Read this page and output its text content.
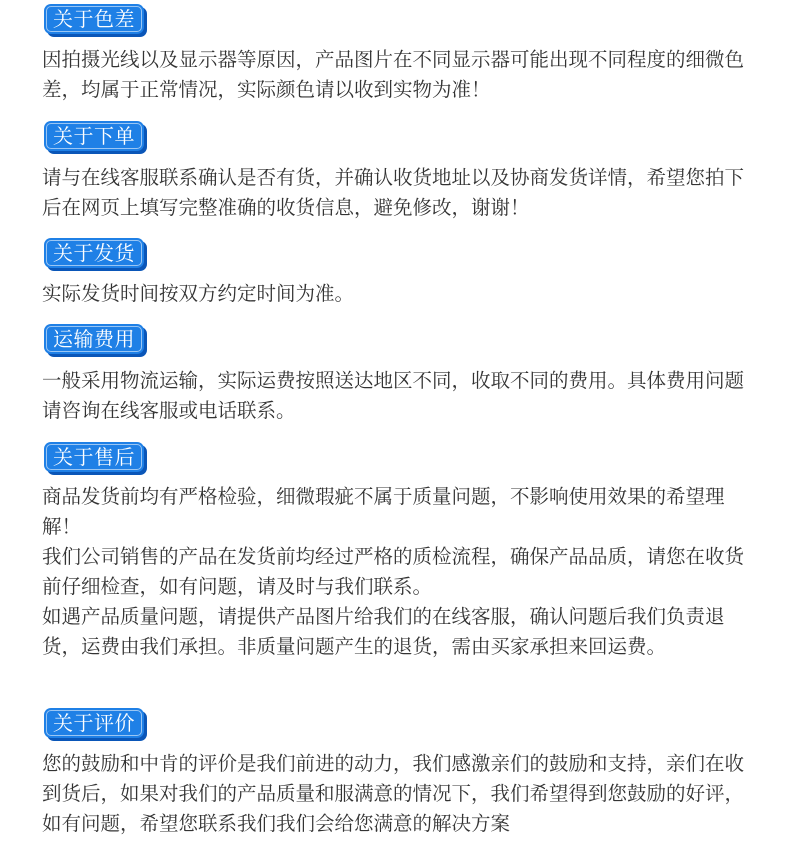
关于色差
因拍摄光线以及显示器等原因，产品图片在不同显示器可能出现不同程度的细微色差，均属于正常情况，实际颜色请以收到实物为准！
关于下单
请与在线客服联系确认是否有货，并确认收货地址以及协商发货详情，希望您拍下后在网页上填写完整准确的收货信息，避免修改，谢谢！
关于发货
实际发货时间按双方约定时间为准。
运输费用
一般采用物流运输，实际运费按照送达地区不同，收取不同的费用。具体费用问题请咨询在线客服或电话联系。
关于售后
商品发货前均有严格检验，细微瑕疵不属于质量问题，不影响使用效果的希望理解！
我们公司销售的产品在发货前均经过严格的质检流程，确保产品品质，请您在收货前仔细检查，如有问题，请及时与我们联系。
如遇产品质量问题，请提供产品图片给我们的在线客服，确认问题后我们负责退货，运费由我们承担。非质量问题产生的退货，需由买家承担来回运费。
关于评价
您的鼓励和中肯的评价是我们前进的动力，我们感激亲们的鼓励和支持，亲们在收到货后，如果对我们的产品质量和服满意的情况下，我们希望得到您鼓励的好评，如有问题，希望您联系我们我们会给您满意的解决方案
